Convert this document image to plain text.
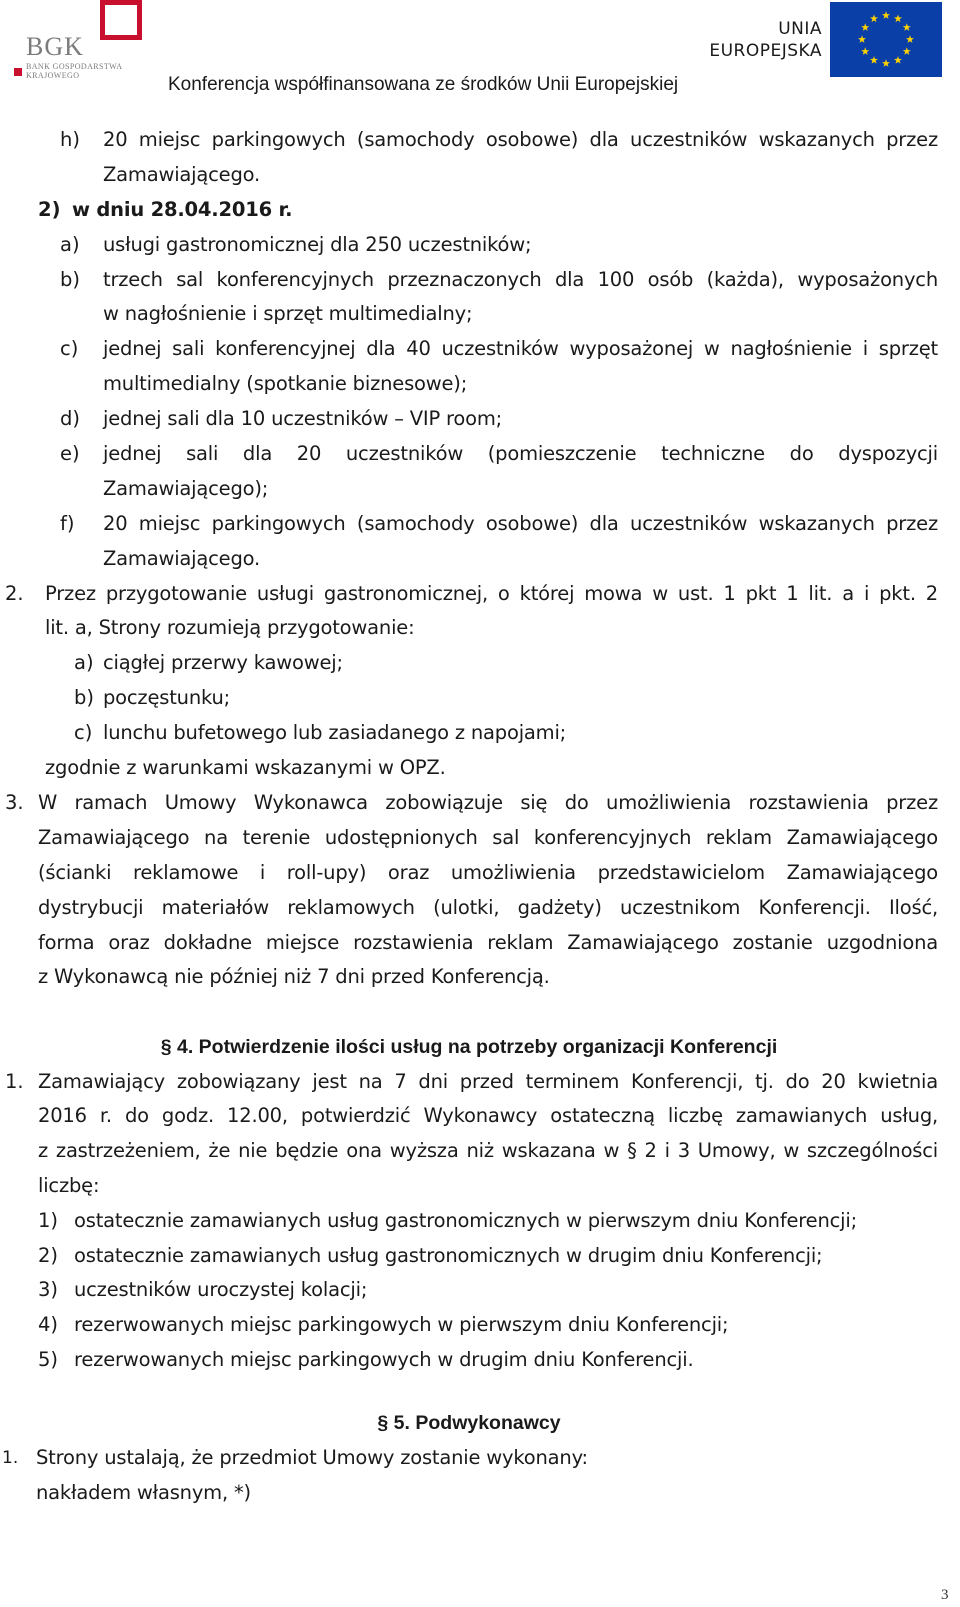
BGK
BANK GOSPODARSTWA
KRAJOWEGO
UNIA
EUROPEJSKA
Konferencja współfinansowana ze środków Unii Europejskiej
h) 20 miejsc parkingowych (samochody osobowe) dla uczestników wskazanych przez
Zamawiającego.
2) w dniu 28.04.2016 r.
a) usługi gastronomicznej dla 250 uczestników;
b) trzech sal konferencyjnych przeznaczonych dla 100 osób (każda), wyposażonych
w nagłośnienie i sprzęt multimedialny;
c) jednej sali konferencyjnej dla 40 uczestników wyposażonej w nagłośnienie i sprzęt
multimedialny (spotkanie biznesowe);
d) jednej sali dla 10 uczestników – VIP room;
e) jednej sali dla 20 uczestników (pomieszczenie techniczne do dyspozycji
Zamawiającego);
f) 20 miejsc parkingowych (samochody osobowe) dla uczestników wskazanych przez
Zamawiającego.
2. Przez przygotowanie usługi gastronomicznej, o której mowa w ust. 1 pkt 1 lit. a i pkt. 2
lit. a, Strony rozumieją przygotowanie:
a) ciągłej przerwy kawowej;
b) poczęstunku;
c) lunchu bufetowego lub zasiadanego z napojami;
zgodnie z warunkami wskazanymi w OPZ.
3. W ramach Umowy Wykonawca zobowiązuje się do umożliwienia rozstawienia przez
Zamawiającego na terenie udostępnionych sal konferencyjnych reklam Zamawiającego
(ścianki reklamowe i roll-upy) oraz umożliwienia przedstawicielom Zamawiającego
dystrybucji materiałów reklamowych (ulotki, gadżety) uczestnikom Konferencji. Ilość,
forma oraz dokładne miejsce rozstawienia reklam Zamawiającego zostanie uzgodniona
z Wykonawcą nie później niż 7 dni przed Konferencją.
§ 4. Potwierdzenie ilości usług na potrzeby organizacji Konferencji
1. Zamawiający zobowiązany jest na 7 dni przed terminem Konferencji, tj. do 20 kwietnia
2016 r. do godz. 12.00, potwierdzić Wykonawcy ostateczną liczbę zamawianych usług,
z zastrzeżeniem, że nie będzie ona wyższa niż wskazana w § 2 i 3 Umowy, w szczególności
liczbę:
1) ostatecznie zamawianych usług gastronomicznych w pierwszym dniu Konferencji;
2) ostatecznie zamawianych usług gastronomicznych w drugim dniu Konferencji;
3) uczestników uroczystej kolacji;
4) rezerwowanych miejsc parkingowych w pierwszym dniu Konferencji;
5) rezerwowanych miejsc parkingowych w drugim dniu Konferencji.
§ 5. Podwykonawcy
1. Strony ustalają, że przedmiot Umowy zostanie wykonany:
nakładem własnym, *)
3
